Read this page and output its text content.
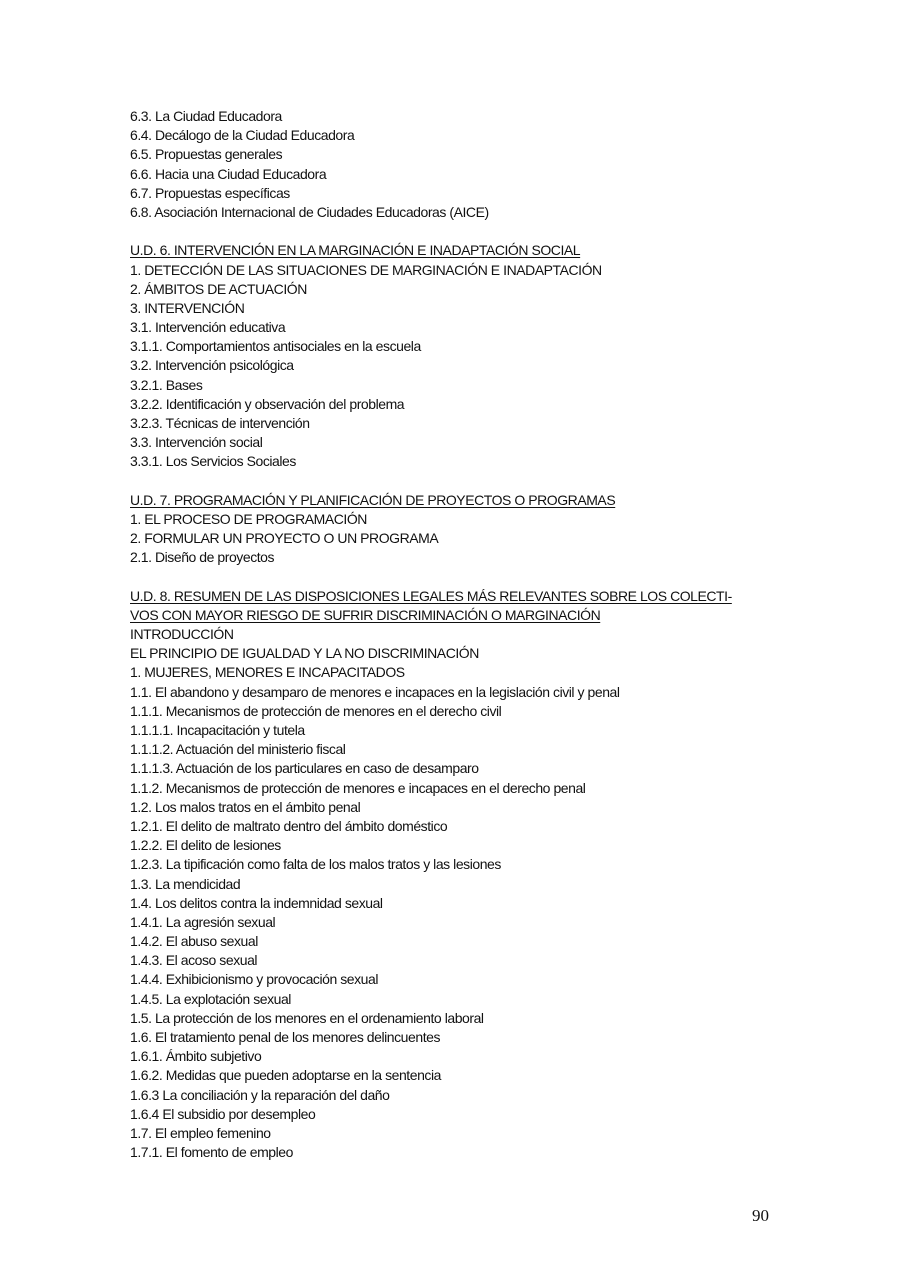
6.3. La Ciudad Educadora
6.4. Decálogo de la Ciudad Educadora
6.5. Propuestas generales
6.6. Hacia una Ciudad Educadora
6.7. Propuestas específicas
6.8. Asociación Internacional de Ciudades Educadoras (AICE)
U.D. 6. INTERVENCIÓN EN LA MARGINACIÓN E INADAPTACIÓN SOCIAL
1. DETECCIÓN DE LAS SITUACIONES DE MARGINACIÓN E INADAPTACIÓN
2. ÁMBITOS DE ACTUACIÓN
3. INTERVENCIÓN
3.1. Intervención educativa
3.1.1. Comportamientos antisociales en la escuela
3.2. Intervención psicológica
3.2.1. Bases
3.2.2. Identificación y observación del problema
3.2.3. Técnicas de intervención
3.3. Intervención social
3.3.1. Los Servicios Sociales
U.D. 7. PROGRAMACIÓN Y PLANIFICACIÓN DE PROYECTOS O PROGRAMAS
1. EL PROCESO DE PROGRAMACIÓN
2. FORMULAR UN PROYECTO O UN PROGRAMA
2.1. Diseño de proyectos
U.D. 8. RESUMEN DE LAS DISPOSICIONES LEGALES MÁS RELEVANTES SOBRE LOS COLECTI-
VOS CON MAYOR RIESGO DE SUFRIR DISCRIMINACIÓN O MARGINACIÓN
INTRODUCCIÓN
EL PRINCIPIO DE IGUALDAD Y LA NO DISCRIMINACIÓN
1. MUJERES, MENORES E INCAPACITADOS
1.1. El abandono y desamparo de menores e incapaces en la legislación civil y penal
1.1.1. Mecanismos de protección de menores en el derecho civil
1.1.1.1. Incapacitación y tutela
1.1.1.2. Actuación del ministerio fiscal
1.1.1.3. Actuación de los particulares en caso de desamparo
1.1.2. Mecanismos de protección de menores e incapaces en el derecho penal
1.2. Los malos tratos en el ámbito penal
1.2.1. El delito de maltrato dentro del ámbito doméstico
1.2.2. El delito de lesiones
1.2.3. La tipificación como falta de los malos tratos y las lesiones
1.3. La mendicidad
1.4. Los delitos contra la indemnidad sexual
1.4.1. La agresión sexual
1.4.2. El abuso sexual
1.4.3. El acoso sexual
1.4.4. Exhibicionismo y provocación sexual
1.4.5. La explotación sexual
1.5. La protección de los menores en el ordenamiento laboral
1.6. El tratamiento penal de los menores delincuentes
1.6.1. Ámbito subjetivo
1.6.2. Medidas que pueden adoptarse en la sentencia
1.6.3 La conciliación y la reparación del daño
1.6.4 El subsidio por desempleo
1.7. El empleo femenino
1.7.1. El fomento de empleo
90
